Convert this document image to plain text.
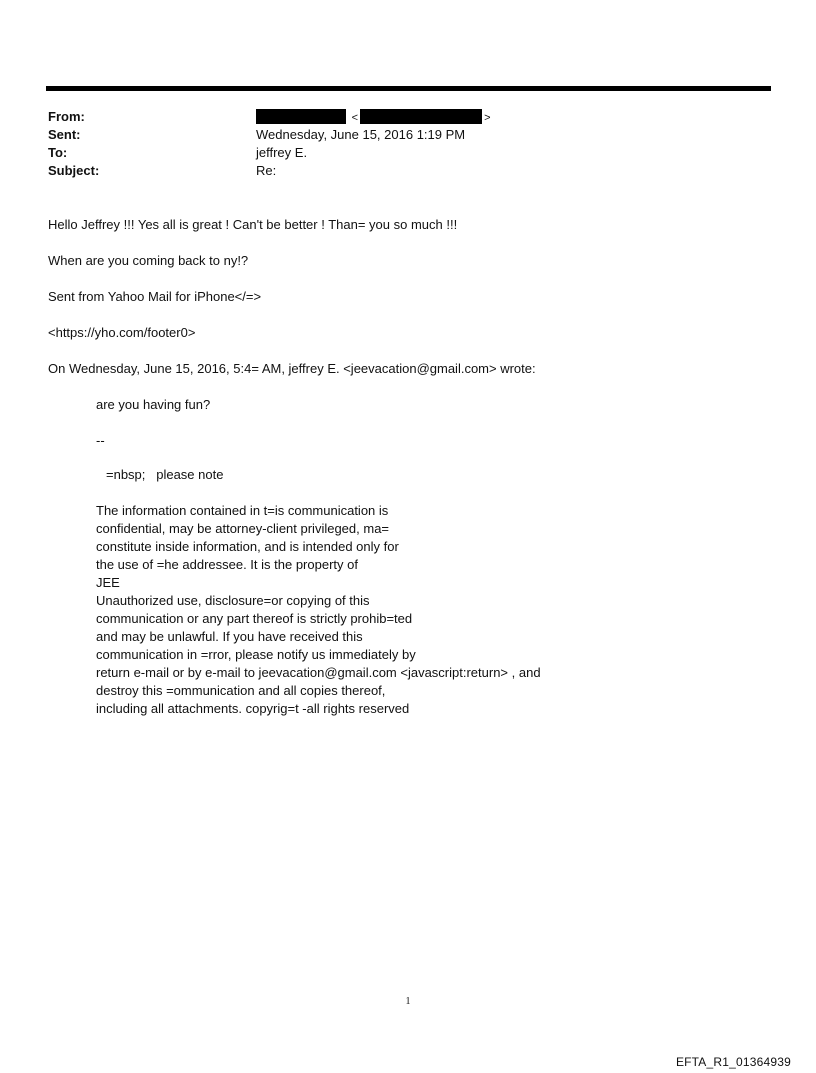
From:	<	>
Sent:	Wednesday, June 15, 2016 1:19 PM
To:	jeffrey E.
Subject:	Re:
Hello Jeffrey !!! Yes all is great ! Can't be better ! Than= you so much !!!
When are you coming back to ny!?
Sent from Yahoo Mail for iPhone</=>
<https://yho.com/footer0>
On Wednesday, June 15, 2016, 5:4= AM, jeffrey E. <jeevacation@gmail.com> wrote:
are you having fun?
--
=nbsp;   please note
The information contained in t=is communication is
confidential, may be attorney-client privileged, ma=
constitute inside information, and is intended only for
the use of =he addressee. It is the property of
JEE
Unauthorized use, disclosure=or copying of this
communication or any part thereof is strictly prohib=ted
and may be unlawful. If you have received this
communication in =rror, please notify us immediately by
return e-mail or by e-mail to jeevacation@gmail.com <javascript:return> , and
destroy this =ommunication and all copies thereof,
including all attachments. copyrig=t -all rights reserved
1
EFTA_R1_01364939
